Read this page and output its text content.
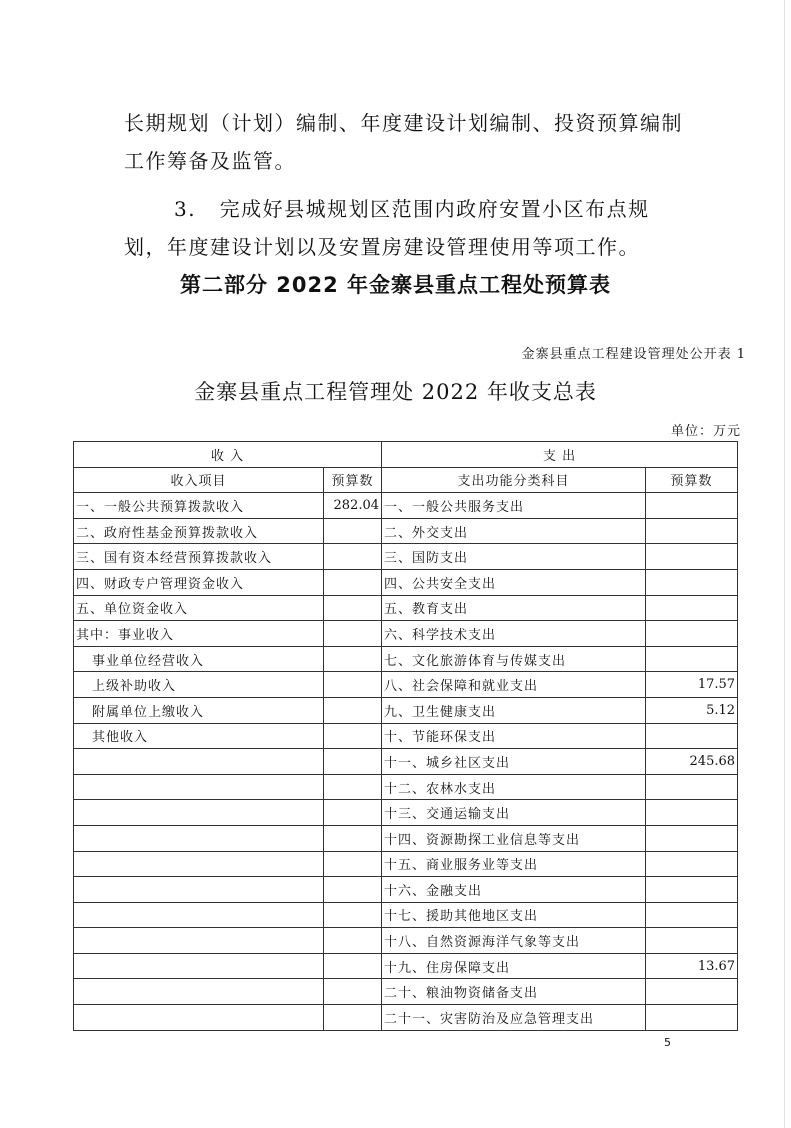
长期规划（计划）编制、年度建设计划编制、投资预算编制工作筹备及监管。
3. 完成好县城规划区范围内政府安置小区布点规划，年度建设计划以及安置房建设管理使用等项工作。
第二部分 2022 年金寨县重点工程处预算表
金寨县重点工程建设管理处公开表 1
金寨县重点工程管理处 2022 年收支总表
单位：万元
收 入		支 出	
收入项目	预算数	支出功能分类科目	预算数
一、一般公共预算拨款收入	282.04	一、一般公共服务支出	
二、政府性基金预算拨款收入		二、外交支出	
三、国有资本经营预算拨款收入		三、国防支出	
四、财政专户管理资金收入		四、公共安全支出	
五、单位资金收入		五、教育支出	
其中：事业收入		六、科学技术支出	
事业单位经营收入		七、文化旅游体育与传媒支出	
上级补助收入		八、社会保障和就业支出	17.57
附属单位上缴收入		九、卫生健康支出	5.12
其他收入		十、节能环保支出	
		十一、城乡社区支出	245.68
		十二、农林水支出	
		十三、交通运输支出	
		十四、资源勘探工业信息等支出	
		十五、商业服务业等支出	
		十六、金融支出	
		十七、援助其他地区支出	
		十八、自然资源海洋气象等支出	
		十九、住房保障支出	13.67
		二十、粮油物资储备支出	
		二十一、灾害防治及应急管理支出	
5
